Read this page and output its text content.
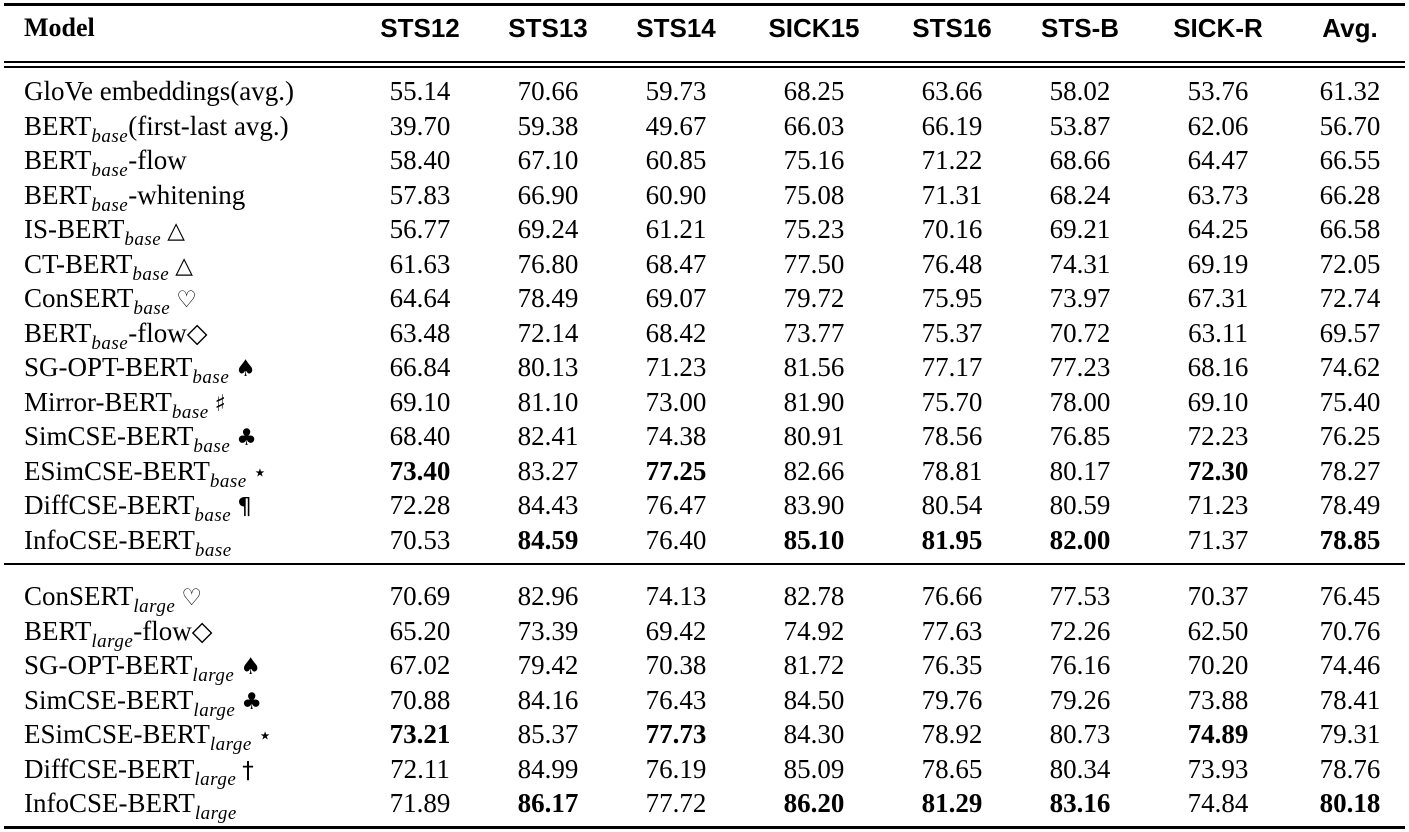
Model	STS12	STS13	STS14	SICK15	STS16	STS-B	SICK-R	Avg.
GloVe embeddings(avg.)	55.14	70.66	59.73	68.25	63.66	58.02	53.76	61.32
$BERT_{base}(first$-last avg.)	39.70	59.38	49.67	66.03	66.19	53.87	62.06	56.70
$BERT_{base}$-flow	58.40	67.10	60.85	75.16	71.22	68.66	64.47	66.55
$BERT_{base}$-whitening	57.83	66.90	60.90	75.08	71.31	68.24	63.73	66.28
$IS-BERT_{base}$ △	56.77	69.24	61.21	75.23	70.16	69.21	64.25	66.58
$CT-BERT_{base}$ △	61.63	76.80	68.47	77.50	76.48	74.31	69.19	72.05
ConSERT$_{base}$ ♡	64.64	78.49	69.07	79.72	75.95	73.97	67.31	72.74
$BERT_{base}-flow◇$	63.48	72.14	68.42	73.77	75.37	70.72	63.11	69.57
$SG-OPT-BERT_{base}$ ♠	66.84	80.13	71.23	81.56	77.17	77.23	68.16	74.62
Mirror-$BERT_{base}$ ♯	69.10	81.10	73.00	81.90	75.70	78.00	69.10	75.40
SimCSE-$BERT_{base}$ ♣	68.40	82.41	74.38	80.91	78.56	76.85	72.23	76.25
ESimCSE-$BERT_{base}$ ⋆	73.40	83.27	77.25	82.66	78.81	80.17	72.30	78.27
DiffCSE-$BERT_{base}$ ¶	72.28	84.43	76.47	83.90	80.54	80.59	71.23	78.49
InfoCSE-$BERT_{base}$	70.53	84.59	76.40	85.10	81.95	82.00	71.37	78.85
ConSERT$_{large}$ ♡	70.69	82.96	74.13	82.78	76.66	77.53	70.37	76.45
$BERT_{large}-flow◇$	65.20	73.39	69.42	74.92	77.63	72.26	62.50	70.76
$SG-OPT-BERT_{large}$ ♠	67.02	79.42	70.38	81.72	76.35	76.16	70.20	74.46
SimCSE-$BERT_{large}$ ♣	70.88	84.16	76.43	84.50	79.76	79.26	73.88	78.41
ESimCSE-$BERT_{large}$ ⋆	73.21	85.37	77.73	84.30	78.92	80.73	74.89	79.31
DiffCSE-$BERT_{large}$ †	72.11	84.99	76.19	85.09	78.65	80.34	73.93	78.76
InfoCSE-$BERT_{large}$	71.89	86.17	77.72	86.20	81.29	83.16	74.84	80.18
